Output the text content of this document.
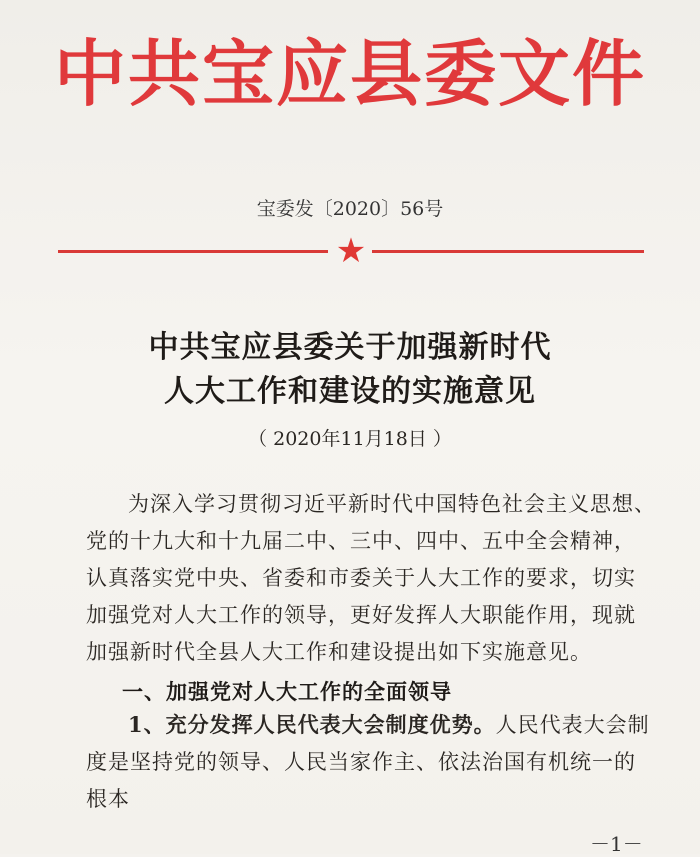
中共宝应县委文件
宝委发〔2020〕56号
★
中共宝应县委关于加强新时代
人大工作和建设的实施意见
（ 2020年11月18日 ）
为深入学习贯彻习近平新时代中国特色社会主义思想、党的十九大和十九届二中、三中、四中、五中全会精神，认真落实党中央、省委和市委关于人大工作的要求，切实加强党对人大工作的领导，更好发挥人大职能作用，现就加强新时代全县人大工作和建设提出如下实施意见。
一、加强党对人大工作的全面领导
1、充分发挥人民代表大会制度优势。人民代表大会制度是坚持党的领导、人民当家作主、依法治国有机统一的根本
－1－
